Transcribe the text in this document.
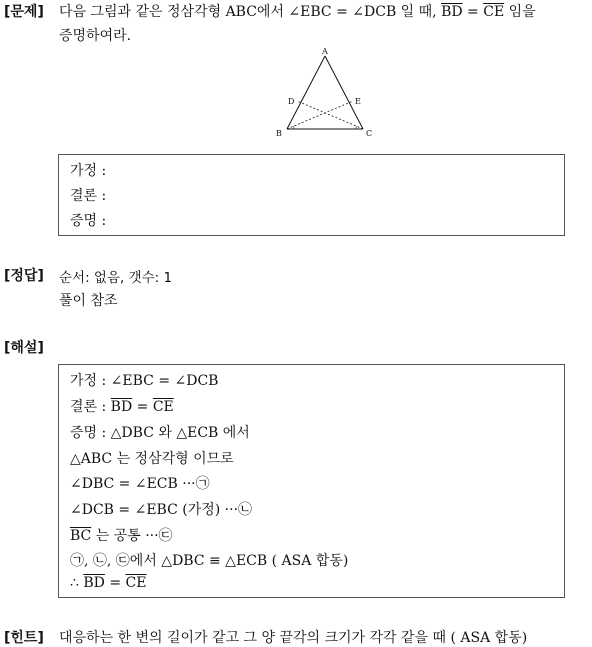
[문제] 다음 그림과 같은 정삼각형 ABC에서 ∠EBC = ∠DCB 일 때, $\overline{BD} = \overline{CE}$ 임을
증명하여라.
A
B	C
D	E
가정 :
결론 :
증명 :
[정답] 순서: 없음, 갯수: 1
풀이 참조
[해설]
가정 : ∠EBC = ∠DCB
결론 : $\overline{BD} = \overline{CE}$
증명 : △DBC 와 △ECB 에서
△ABC 는 정삼각형 이므로
∠DBC = ∠ECB ···㉠
∠DCB = ∠EBC (가정) ···㉡
$\overline{BC}$ 는 공통 ···㉢
㉠, ㉡, ㉢에서 △DBC ≡ △ECB ( ASA 합동)
∴ $\overline{BD} = \overline{CE}$
[힌트] 대응하는 한 변의 길이가 같고 그 양 끝각의 크기가 각각 같을 때 ( ASA 합동)
